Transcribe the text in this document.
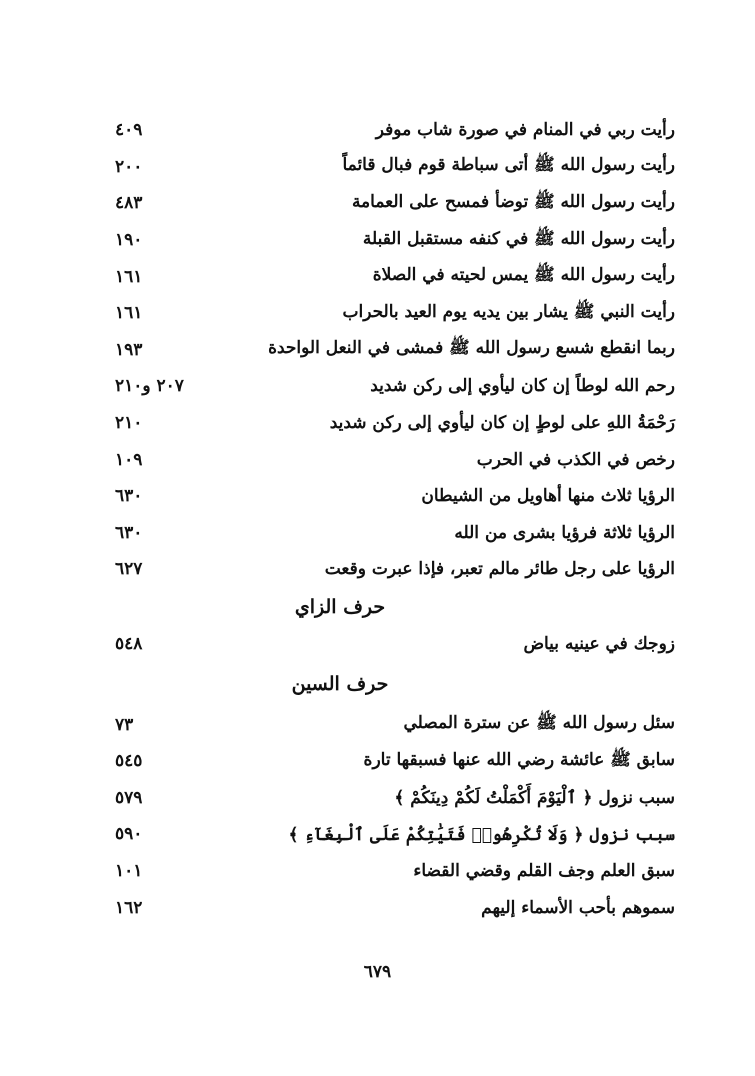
رأيت ربي في المنام في صورة شاب موفر
٤٠٩
رأيت رسول الله ﷺ أتى سباطة قوم فبال قائماً
٢٠٠
رأيت رسول الله ﷺ توضأ فمسح على العمامة
٤٨٣
رأيت رسول الله ﷺ في كنفه مستقبل القبلة
١٩٠
رأيت رسول الله ﷺ يمس لحيته في الصلاة
١٦١
رأيت النبي ﷺ يشار بين يديه يوم العيد بالحراب
١٦١
ربما انقطع شسع رسول الله ﷺ فمشى في النعل الواحدة
١٩٣
رحم الله لوطاً إن كان ليأوي إلى ركن شديد
٢٠٧ و٢١٠
رَحْمَةُ اللهِ على لوطٍ إن كان ليأوي إلى ركن شديد
٢١٠
رخص في الكذب في الحرب
١٠٩
الرؤيا ثلاث منها أهاويل من الشيطان
٦٣٠
الرؤيا ثلاثة فرؤيا بشرى من الله
٦٣٠
الرؤيا على رجل طائر مالم تعبر، فإذا عبرت وقعت
٦٢٧
حرف الزاي
زوجك في عينيه بياض
٥٤٨
حرف السين
سئل رسول الله ﷺ عن سترة المصلي
٧٣
سابق ﷺ عائشة رضي الله عنها فسبقها تارة
٥٤٥
سبب نزول ﴿ ٱلْيَوْمَ أَكْمَلْتُ لَكُمْ دِينَكُمْ ﴾
٥٧٩
سبب نزول ﴿ وَلَا تُكْرِهُوا۟ فَتَيَٰتِكُمْ عَلَى ٱلْبِغَآءِ ﴾
٥٩٠
سبق العلم وجف القلم وقضي القضاء
١٠١
سموهم بأحب الأسماء إليهم
١٦٢
٦٧٩
